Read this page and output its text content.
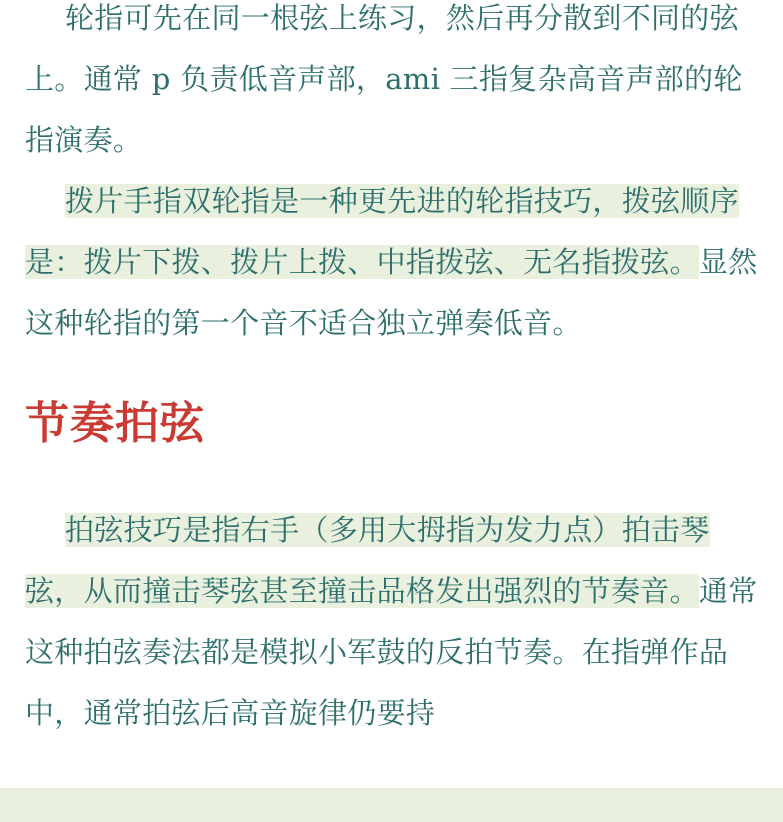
轮指可先在同一根弦上练习，然后再分散到不同的弦上。通常 p 负责低音声部，ami 三指复杂高音声部的轮指演奏。

拨片手指双轮指是一种更先进的轮指技巧，拨弦顺序是：拨片下拨、拨片上拨、中指拨弦、无名指拨弦。显然这种轮指的第一个音不适合独立弹奏低音。

节奏拍弦

拍弦技巧是指右手（多用大拇指为发力点）拍击琴弦，从而撞击琴弦甚至撞击品格发出强烈的节奏音。通常这种拍弦奏法都是模拟小军鼓的反拍节奏。在指弹作品中，通常拍弦后高音旋律仍要持
